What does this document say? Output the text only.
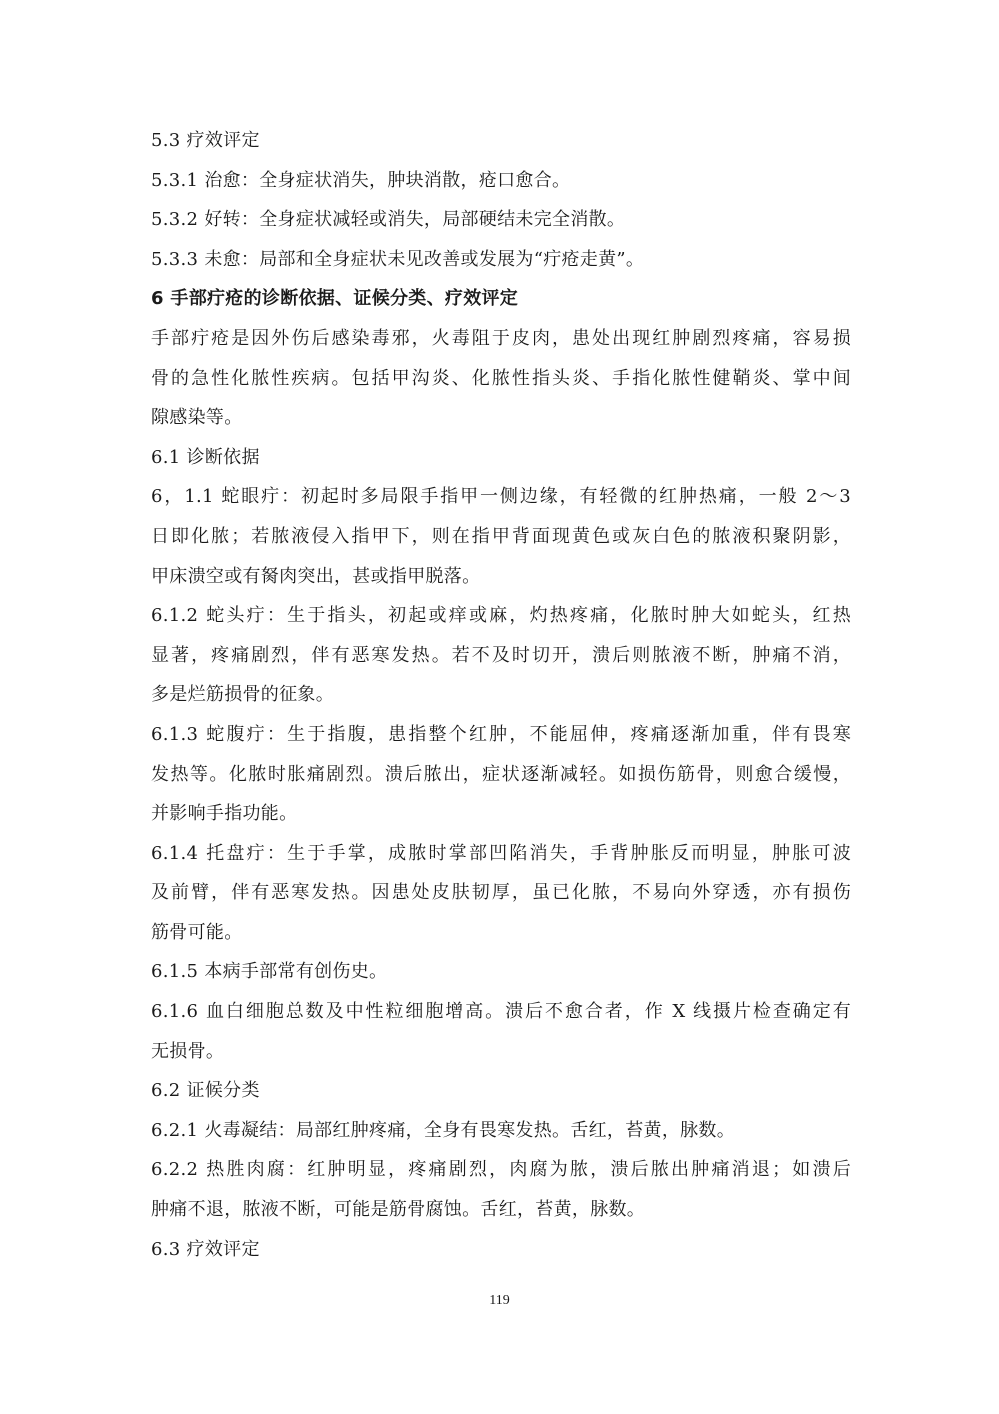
5.3 疗效评定
5.3.1 治愈：全身症状消失，肿块消散，疮口愈合。
5.3.2 好转：全身症状减轻或消失，局部硬结未完全消散。
5.3.3 未愈：局部和全身症状未见改善或发展为“疔疮走黄”。
6 手部疔疮的诊断依据、证候分类、疗效评定
手部疔疮是因外伤后感染毒邪，火毒阻于皮肉，患处出现红肿剧烈疼痛，容易损
骨的急性化脓性疾病。包括甲沟炎、化脓性指头炎、手指化脓性健鞘炎、掌中间
隙感染等。
6.1 诊断依据
6，1.1 蛇眼疔：初起时多局限手指甲一侧边缘，有轻微的红肿热痛，一般 2～3
日即化脓；若脓液侵入指甲下，则在指甲背面现黄色或灰白色的脓液积聚阴影，
甲床溃空或有胬肉突出，甚或指甲脱落。
6.1.2 蛇头疔：生于指头，初起或痒或麻，灼热疼痛，化脓时肿大如蛇头，红热
显著，疼痛剧烈，伴有恶寒发热。若不及时切开，溃后则脓液不断，肿痛不消，
多是烂筋损骨的征象。
6.1.3 蛇腹疔：生于指腹，患指整个红肿，不能屈伸，疼痛逐渐加重，伴有畏寒
发热等。化脓时胀痛剧烈。溃后脓出，症状逐渐减轻。如损伤筋骨，则愈合缓慢，
并影响手指功能。
6.1.4 托盘疔：生于手掌，成脓时掌部凹陷消失，手背肿胀反而明显，肿胀可波
及前臂，伴有恶寒发热。因患处皮肤韧厚，虽已化脓，不易向外穿透，亦有损伤
筋骨可能。
6.1.5 本病手部常有创伤史。
6.1.6 血白细胞总数及中性粒细胞增高。溃后不愈合者，作 X 线摄片检查确定有
无损骨。
6.2 证候分类
6.2.1 火毒凝结：局部红肿疼痛，全身有畏寒发热。舌红，苔黄，脉数。
6.2.2 热胜肉腐：红肿明显，疼痛剧烈，肉腐为脓，溃后脓出肿痛消退；如溃后
肿痛不退，脓液不断，可能是筋骨腐蚀。舌红，苔黄，脉数。
6.3 疗效评定
119
